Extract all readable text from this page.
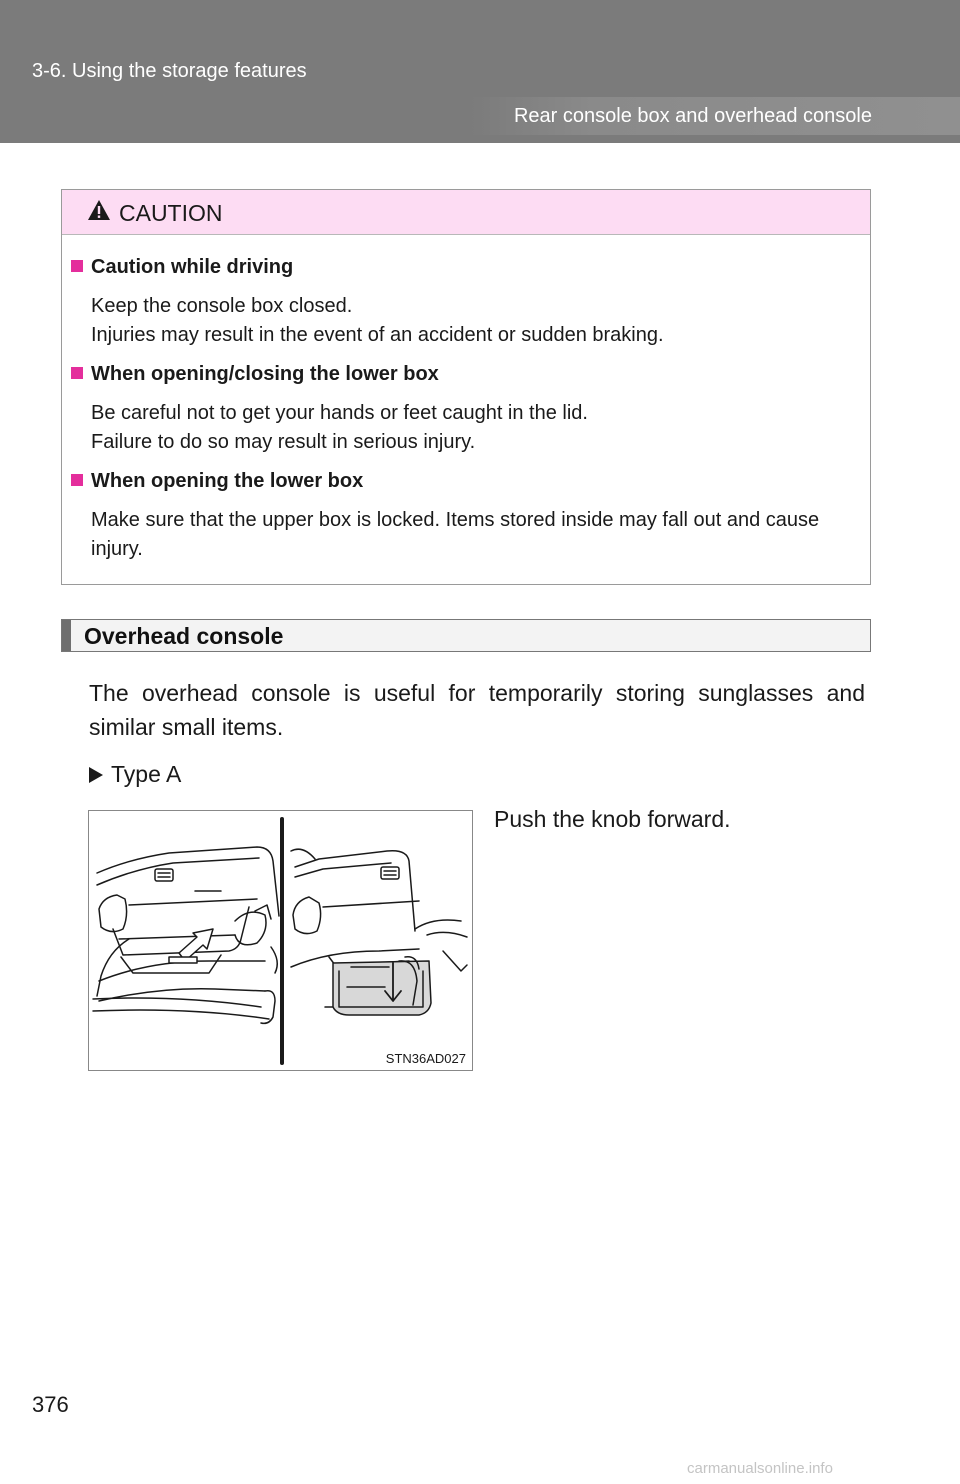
3-6. Using the storage features
Rear console box and overhead console
CAUTION
Caution while driving
Keep the console box closed.
Injuries may result in the event of an accident or sudden braking.
When opening/closing the lower box
Be careful not to get your hands or feet caught in the lid.
Failure to do so may result in serious injury.
When opening the lower box
Make sure that the upper box is locked. Items stored inside may fall out and cause injury.
Overhead console
The overhead console is useful for temporarily storing sunglasses and similar small items.
Type A
Push the knob forward.
STN36AD027
376
carmanualsonline.info
